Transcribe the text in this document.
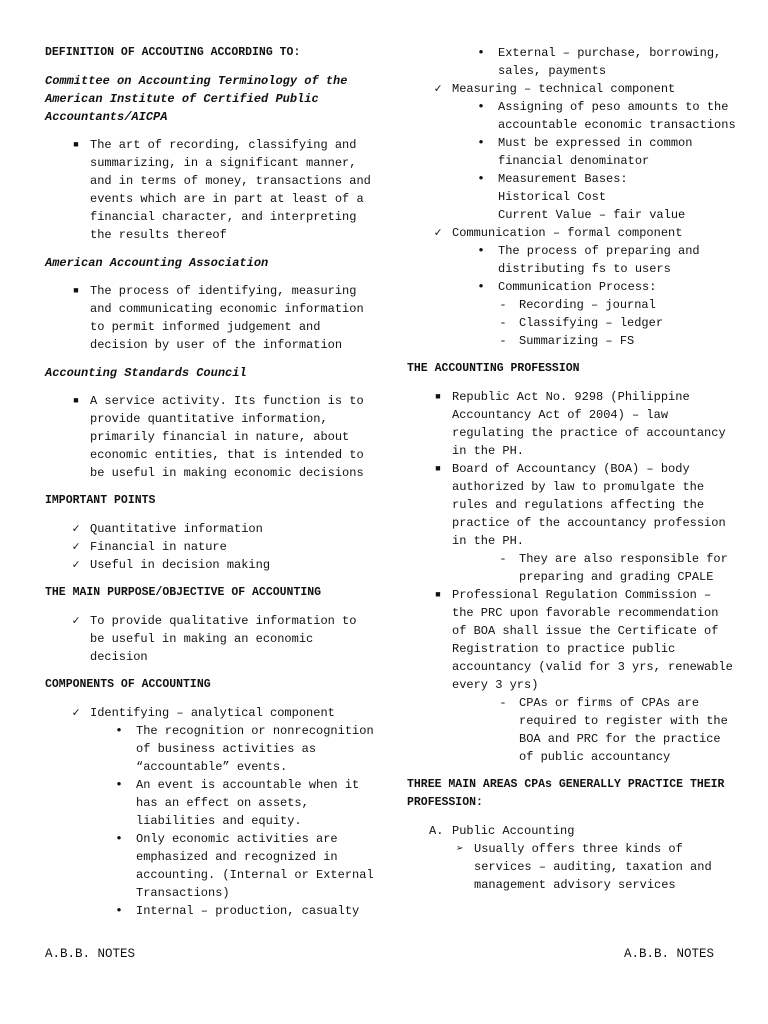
DEFINITION OF ACCOUTING ACCORDING TO:

Committee on Accounting Terminology of the American Institute of Certified Public Accountants/AICPA

■ The art of recording, classifying and summarizing, in a significant manner, and in terms of money, transactions and events which are in part at least of a financial character, and interpreting the results thereof

American Accounting Association

■ The process of identifying, measuring and communicating economic information to permit informed judgement and decision by user of the information

Accounting Standards Council

■ A service activity. Its function is to provide quantitative information, primarily financial in nature, about economic entities, that is intended to be useful in making economic decisions

IMPORTANT POINTS

✓ Quantitative information
✓ Financial in nature
✓ Useful in decision making

THE MAIN PURPOSE/OBJECTIVE OF ACCOUNTING

✓ To provide qualitative information to be useful in making an economic decision

COMPONENTS OF ACCOUNTING

✓ Identifying – analytical component
• The recognition or nonrecognition of business activities as “accountable” events.
• An event is accountable when it has an effect on assets, liabilities and equity.
• Only economic activities are emphasized and recognized in accounting. (Internal or External Transactions)
• Internal – production, casualty
• External – purchase, borrowing, sales, payments
✓ Measuring – technical component
• Assigning of peso amounts to the accountable economic transactions
• Must be expressed in common financial denominator
• Measurement Bases:
Historical Cost
Current Value – fair value
✓ Communication – formal component
• The process of preparing and distributing fs to users
• Communication Process:
- Recording – journal
- Classifying – ledger
- Summarizing – FS

THE ACCOUNTING PROFESSION

■ Republic Act No. 9298 (Philippine Accountancy Act of 2004) – law regulating the practice of accountancy in the PH.
■ Board of Accountancy (BOA) – body authorized by law to promulgate the rules and regulations affecting the practice of the accountancy profession in the PH.
- They are also responsible for preparing and grading CPALE
■ Professional Regulation Commission – the PRC upon favorable recommendation of BOA shall issue the Certificate of Registration to practice public accountancy (valid for 3 yrs, renewable every 3 yrs)
- CPAs or firms of CPAs are required to register with the BOA and PRC for the practice of public accountancy

THREE MAIN AREAS CPAs GENERALLY PRACTICE THEIR PROFESSION:

A. Public Accounting
➢ Usually offers three kinds of services – auditing, taxation and management advisory services
A.B.B. NOTES	A.B.B. NOTES
